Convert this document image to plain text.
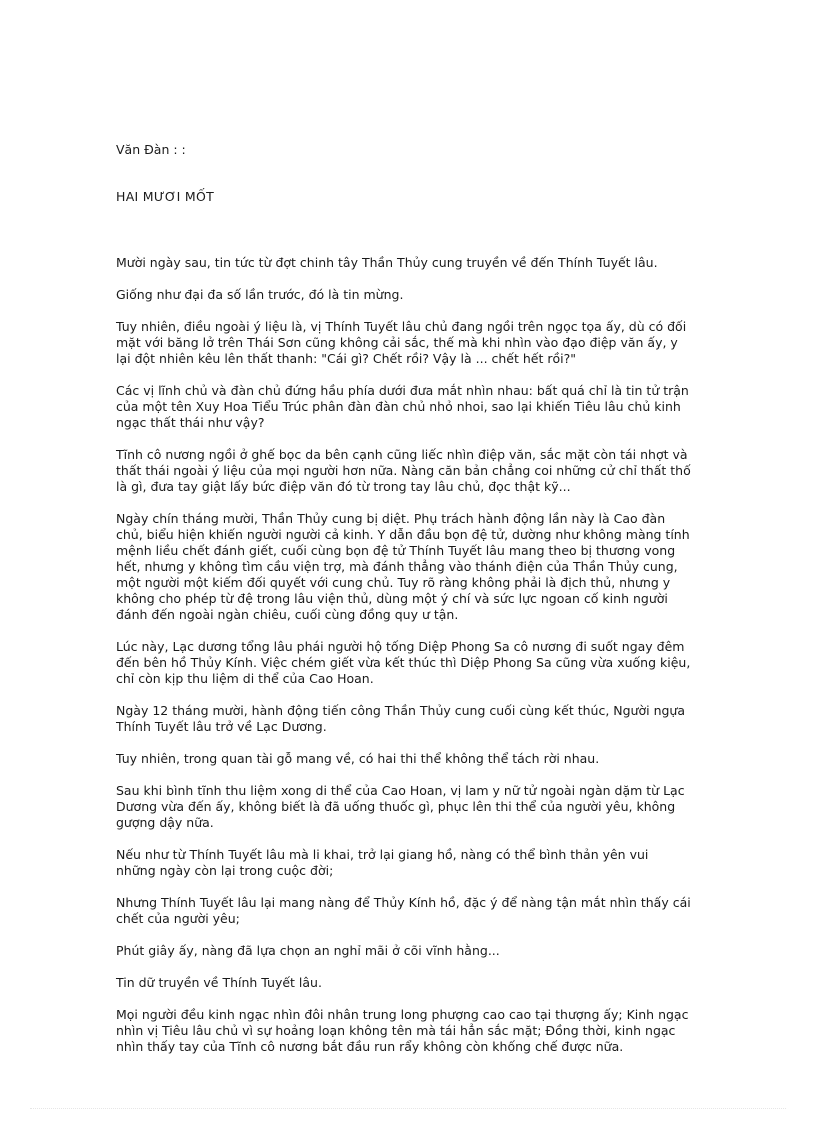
Văn Đàn : :
HAI MƯƠI MỐT

Mười ngày sau, tin tức từ đợt chinh tây Thần Thủy cung truyền về đến Thính Tuyết lâu.

Giống như đại đa số lần trước, đó là tin mừng.

Tuy nhiên, điều ngoài ý liệu là, vị Thính Tuyết lâu chủ đang ngồi trên ngọc tọa ấy, dù có đối
mặt với băng lở trên Thái Sơn cũng không cải sắc, thế mà khi nhìn vào đạo điệp văn ấy, y
lại đột nhiên kêu lên thất thanh: "Cái gì? Chết rồi? Vậy là ... chết hết rồi?"

Các vị lĩnh chủ và đàn chủ đứng hầu phía dưới đưa mắt nhìn nhau: bất quá chỉ là tin tử trận
của một tên Xuy Hoa Tiểu Trúc phân đàn đàn chủ nhỏ nhoi, sao lại khiến Tiêu lâu chủ kinh
ngạc thất thái như vậy?

Tĩnh cô nương ngồi ở ghế bọc da bên cạnh cũng liếc nhìn điệp văn, sắc mặt còn tái nhợt và
thất thái ngoài ý liệu của mọi người hơn nữa. Nàng căn bản chẳng coi những cử chỉ thất thố
là gì, đưa tay giật lấy bức điệp văn đó từ trong tay lâu chủ, đọc thật kỹ...

Ngày chín tháng mười, Thần Thủy cung bị diệt. Phụ trách hành động lần này là Cao đàn
chủ, biểu hiện khiến người người cả kinh. Y dẫn đầu bọn đệ tử, dường như không màng tính
mệnh liều chết đánh giết, cuối cùng bọn đệ tử Thính Tuyết lâu mang theo bị thương vong
hết, nhưng y không tìm cầu viện trợ, mà đánh thẳng vào thánh điện của Thần Thủy cung,
một người một kiếm đối quyết với cung chủ. Tuy rõ ràng không phải là địch thủ, nhưng y
không cho phép từ đệ trong lâu viện thủ, dùng một ý chí và sức lực ngoan cố kinh người
đánh đến ngoài ngàn chiêu, cuối cùng đồng quy ư tận.

Lúc này, Lạc dương tổng lâu phái người hộ tống Diệp Phong Sa cô nương đi suốt ngay đêm
đến bên hồ Thủy Kính. Việc chém giết vừa kết thúc thì Diệp Phong Sa cũng vừa xuống kiệu,
chỉ còn kịp thu liệm di thể của Cao Hoan.

Ngày 12 tháng mười, hành động tiến công Thần Thủy cung cuối cùng kết thúc, Người ngựa
Thính Tuyết lâu trở về Lạc Dương.

Tuy nhiên, trong quan tài gỗ mang về, có hai thi thể không thể tách rời nhau.

Sau khi bình tĩnh thu liệm xong di thể của Cao Hoan, vị lam y nữ tử ngoài ngàn dặm từ Lạc
Dương vừa đến ấy, không biết là đã uống thuốc gì, phục lên thi thể của người yêu, không
gượng dậy nữa.

Nếu như từ Thính Tuyết lâu mà li khai, trở lại giang hồ, nàng có thể bình thản yên vui
những ngày còn lại trong cuộc đời;

Nhưng Thính Tuyết lâu lại mang nàng để Thủy Kính hồ, đặc ý để nàng tận mắt nhìn thấy cái
chết của người yêu;

Phút giây ấy, nàng đã lựa chọn an nghỉ mãi ở cõi vĩnh hằng...

Tin dữ truyền về Thính Tuyết lâu.

Mọi người đều kinh ngạc nhìn đôi nhân trung long phượng cao cao tại thượng ấy; Kinh ngạc
nhìn vị Tiêu lâu chủ vì sự hoảng loạn không tên mà tái hẳn sắc mặt; Đồng thời, kinh ngạc
nhìn thấy tay của Tĩnh cô nương bắt đầu run rẩy không còn khống chế được nữa.
